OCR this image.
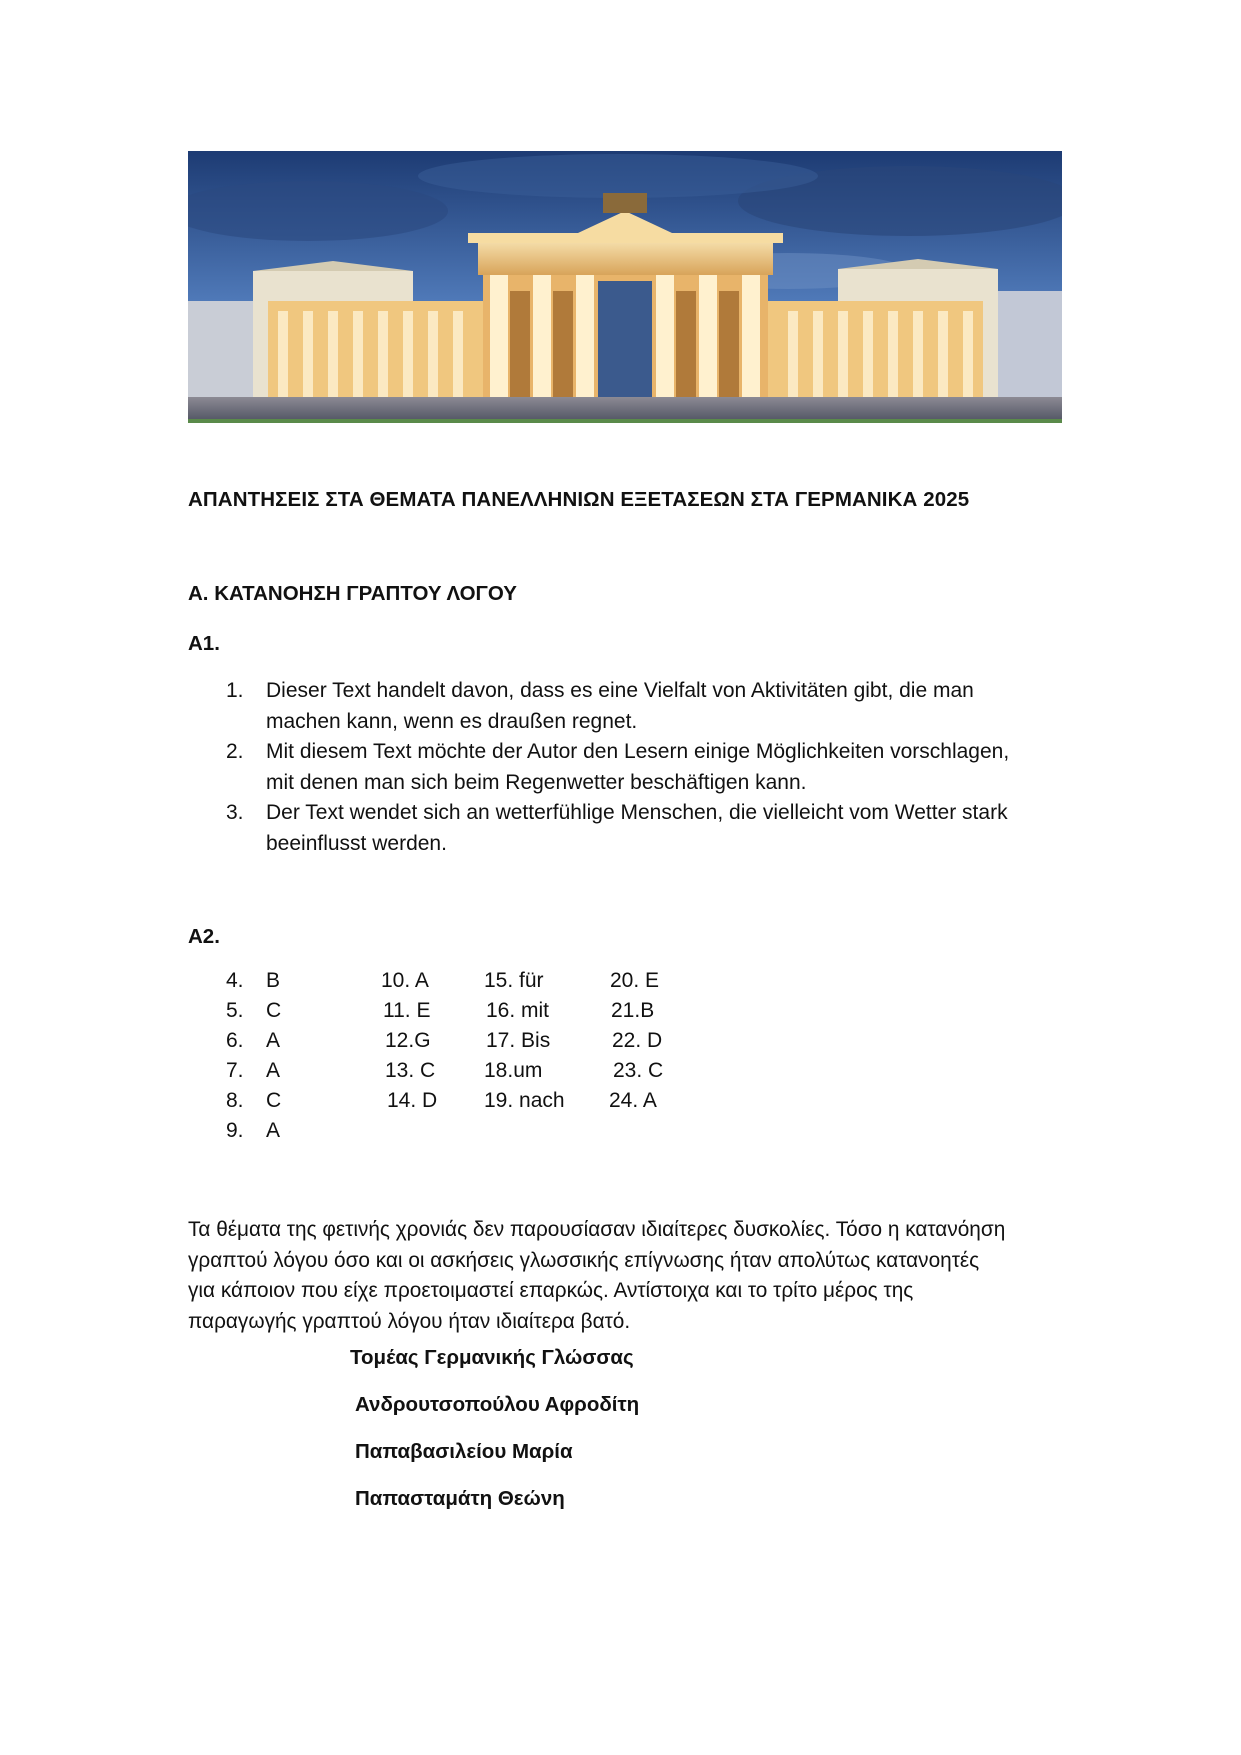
ΑΠΑΝΤΗΣΕΙΣ ΣΤΑ ΘΕΜΑΤΑ ΠΑΝΕΛΛΗΝΙΩΝ ΕΞΕΤΑΣΕΩΝ ΣΤΑ ΓΕΡΜΑΝΙΚΑ 2025
Α. ΚΑΤΑΝΟΗΣΗ ΓΡΑΠΤΟΥ ΛΟΓΟΥ
Α1.
1. Dieser Text handelt davon, dass es eine Vielfalt von Aktivitäten gibt, die man
machen kann, wenn es draußen regnet.
2. Mit diesem Text möchte der Autor den Lesern einige Möglichkeiten vorschlagen,
mit denen man sich beim Regenwetter beschäftigen kann.
3. Der Text wendet sich an wetterfühlige Menschen, die vielleicht vom Wetter stark
beeinflusst werden.
Α2.
4. B	10. A	15. für	20. E
5. C	11. E	16. mit	21.B
6. A	12.G	17. Bis	22. D
7. A	13. C 18.um	23. C
8. C	14. D 19. nach 24. A
9. A

Τα θέματα της φετινής χρονιάς δεν παρουσίασαν ιδιαίτερες δυσκολίες. Τόσο η κατανόηση
γραπτού λόγου όσο και οι ασκήσεις γλωσσικής επίγνωσης ήταν απολύτως κατανοητές
για κάποιον που είχε προετοιμαστεί επαρκώς. Αντίστοιχα και το τρίτο μέρος της
παραγωγής γραπτού λόγου ήταν ιδιαίτερα βατό.

Τομέας Γερμανικής Γλώσσας

Ανδρουτσοπούλου Αφροδίτη

Παπαβασιλείου Μαρία

Παπασταμάτη Θεώνη
